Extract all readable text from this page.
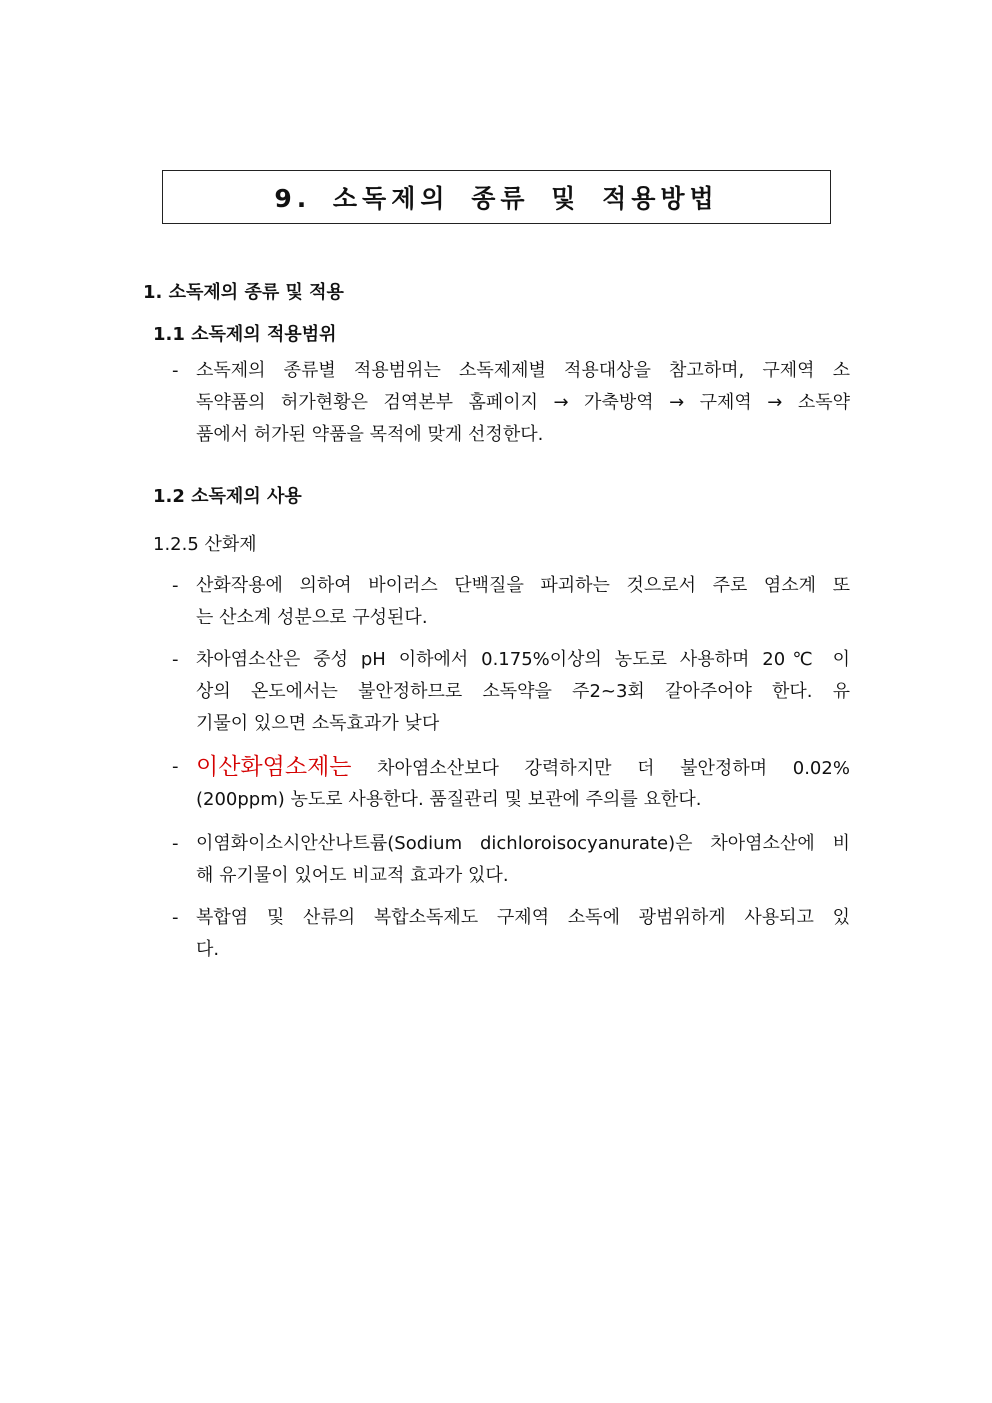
9. 소독제의 종류 및 적용방법
1. 소독제의 종류 및 적용
1.1 소독제의 적용범위
- 소독제의 종류별 적용범위는 소독제제별 적용대상을 참고하며, 구제역 소
독약품의 허가현황은 검역본부 홈페이지 → 가축방역 → 구제역 → 소독약
품에서 허가된 약품을 목적에 맞게 선정한다.
1.2 소독제의 사용
1.2.5 산화제
- 산화작용에 의하여 바이러스 단백질을 파괴하는 것으로서 주로 염소계 또
는 산소계 성분으로 구성된다.
- 차아염소산은 중성 pH 이하에서 0.175%이상의 농도로 사용하며 20℃ 이
상의 온도에서는 불안정하므로 소독약을 주2~3회 갈아주어야 한다. 유
기물이 있으면 소독효과가 낮다
- 이산화염소제는 차아염소산보다 강력하지만 더 불안정하며 0.02%
(200ppm) 농도로 사용한다. 품질관리 및 보관에 주의를 요한다.
- 이염화이소시안산나트륨(Sodium dichloroisocyanurate)은 차아염소산에 비
해 유기물이 있어도 비교적 효과가 있다.
- 복합염 및 산류의 복합소독제도 구제역 소독에 광범위하게 사용되고 있
다.
